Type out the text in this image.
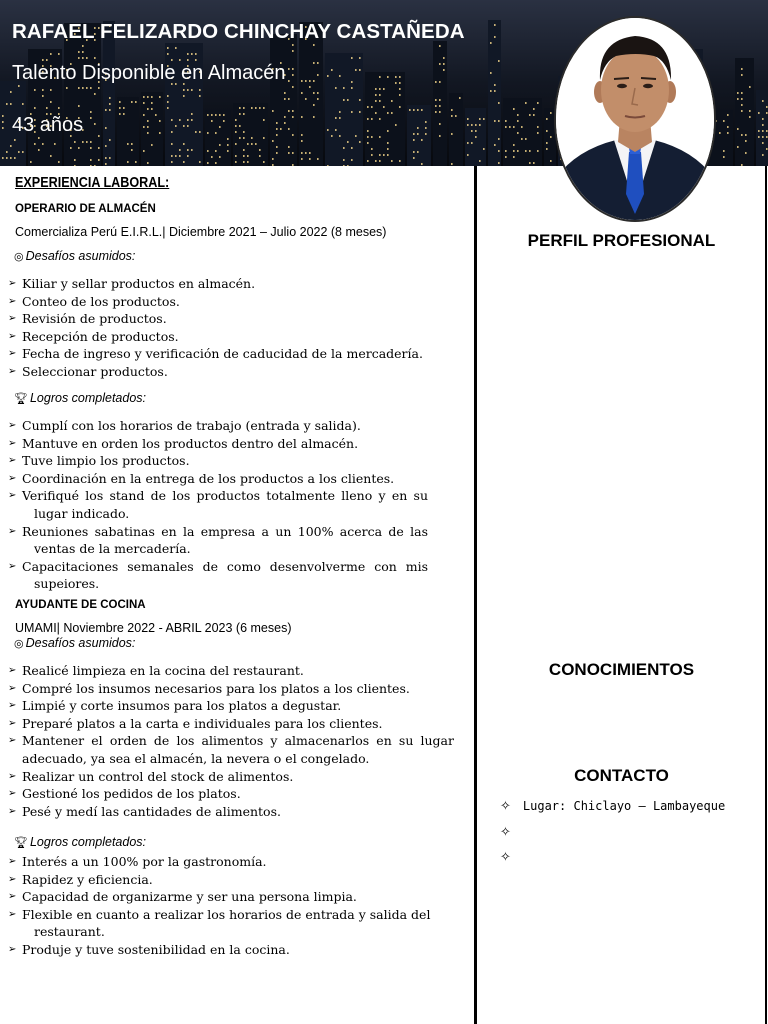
RAFAEL FELIZARDO CHINCHAY CASTAÑEDA
Talento Disponible en Almacén
43 años
EXPERIENCIA LABORAL:
OPERARIO DE ALMACÉN
Comercializa Perú E.I.R.L.| Diciembre 2021 – Julio 2022 (8 meses)
◎ Desafíos asumidos:
➢ Kiliar y sellar productos en almacén.
➢ Conteo de los productos.
➢ Revisión de productos.
➢ Recepción de productos.
➢ Fecha de ingreso y verificación de caducidad de la mercadería.
➢ Seleccionar productos.
🏆︎ Logros completados:
➢ Cumplí con los horarios de trabajo (entrada y salida).
➢ Mantuve en orden los productos dentro del almacén.
➢ Tuve limpio los productos.
➢ Coordinación en la entrega de los productos a los clientes.
➢ Verifiqué los stand de los productos totalmente lleno y en su
lugar indicado.
➢ Reuniones sabatinas en la empresa a un 100% acerca de las
ventas de la mercadería.
➢ Capacitaciones semanales de como desenvolverme con mis
supeiores.
AYUDANTE DE COCINA
UMAMI| Noviembre 2022 - ABRIL 2023 (6 meses)
◎ Desafíos asumidos:
➢ Realicé limpieza en la cocina del restaurant.
➢ Compré los insumos necesarios para los platos a los clientes.
➢ Limpié y corte insumos para los platos a degustar.
➢ Preparé platos a la carta e individuales para los clientes.
➢ Mantener el orden de los alimentos y almacenarlos en su lugar
adecuado, ya sea el almacén, la nevera o el congelado.
➢ Realizar un control del stock de alimentos.
➢ Gestioné los pedidos de los platos.
➢ Pesé y medí las cantidades de alimentos.
🏆︎ Logros completados:
➢ Interés a un 100% por la gastronomía.
➢ Rapidez y eficiencia.
➢ Capacidad de organizarme y ser una persona limpia.
➢ Flexible en cuanto a realizar los horarios de entrada y salida del
restaurant.
➢ Produje y tuve sostenibilidad en la cocina.
PERFIL PROFESIONAL
CONOCIMIENTOS
CONTACTO
✧ Lugar: Chiclayo – Lambayeque
✧
✧
